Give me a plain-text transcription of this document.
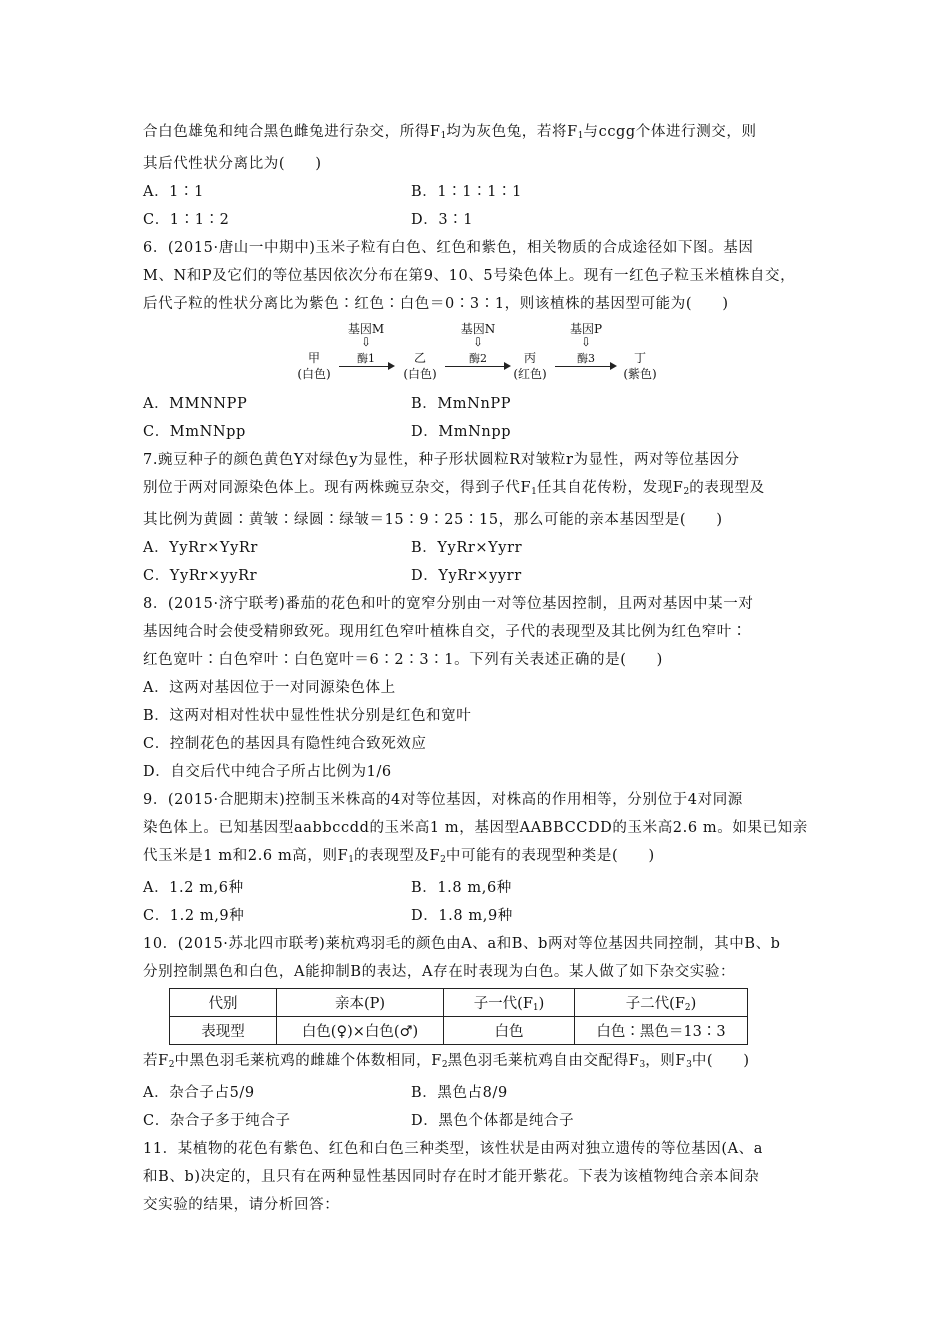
合白色雄兔和纯合黑色雌兔进行杂交，所得$F_1$均为灰色兔，若将$F_1$与ccgg个体进行测交，则

其后代性状分离比为(　　)

A．1∶1	B．1∶1∶1∶1
C．1∶1∶2	D．3∶1

6．(2015·唐山一中期中)玉米子粒有白色、红色和紫色，相关物质的合成途径如下图。基因

M、N和P及它们的等位基因依次分布在第9、10、5号染色体上。现有一红色子粒玉米植株自交，

后代子粒的性状分离比为紫色∶红色∶白色＝0∶3∶1，则该植株的基因型可能为(　　)

基因M	基因N	基因P
⇩	⇩	⇩
酶1	酶2	酶3
甲
(白色)
乙
(白色)
丙
(红色)
丁
(紫色)
A．MMNNPP	B．MmNnPP
C．MmNNpp	D．MmNnpp

7.豌豆种子的颜色黄色Y对绿色y为显性，种子形状圆粒R对皱粒r为显性，两对等位基因分

别位于两对同源染色体上。现有两株豌豆杂交，得到子代$F_1$任其自花传粉，发现$F_2$的表现型及

其比例为黄圆∶黄皱∶绿圆∶绿皱＝15∶9∶25∶15，那么可能的亲本基因型是(　　)

A．YyRr×YyRr	B．YyRr×Yyrr
C．YyRr×yyRr	D．YyRr×yyrr

8．(2015·济宁联考)番茄的花色和叶的宽窄分别由一对等位基因控制，且两对基因中某一对

基因纯合时会使受精卵致死。现用红色窄叶植株自交，子代的表现型及其比例为红色窄叶∶

红色宽叶∶白色窄叶∶白色宽叶＝6∶2∶3∶1。下列有关表述正确的是(　　)

A．这两对基因位于一对同源染色体上

B．这两对相对性状中显性性状分别是红色和宽叶

C．控制花色的基因具有隐性纯合致死效应

D．自交后代中纯合子所占比例为1/6

9．(2015·合肥期末)控制玉米株高的4对等位基因，对株高的作用相等，分别位于4对同源

染色体上。已知基因型aabbccdd的玉米高1 m，基因型AABBCCDD的玉米高2.6 m。如果已知亲

代玉米是1 m和2.6 m高，则$F_1$的表现型及$F_2$中可能有的表现型种类是(　　)

A．1.2 m,6种	B．1.8 m,6种
C．1.2 m,9种	D．1.8 m,9种

10．(2015·苏北四市联考)莱杭鸡羽毛的颜色由A、a和B、b两对等位基因共同控制，其中B、b

分别控制黑色和白色，A能抑制B的表达，A存在时表现为白色。某人做了如下杂交实验：

代别	亲本(P)	子一代$(F_1)$	子二代$(F_2)$
表现型	白色(♀)×白色(♂)	白色	白色∶黑色＝13∶3

若$F_2$中黑色羽毛莱杭鸡的雌雄个体数相同，$F_2$黑色羽毛莱杭鸡自由交配得$F_3$，则$F_3$中(　　)

A．杂合子占5/9	B．黑色占8/9
C．杂合子多于纯合子	D．黑色个体都是纯合子

11．某植物的花色有紫色、红色和白色三种类型，该性状是由两对独立遗传的等位基因(A、a

和B、b)决定的，且只有在两种显性基因同时存在时才能开紫花。下表为该植物纯合亲本间杂

交实验的结果，请分析回答：
